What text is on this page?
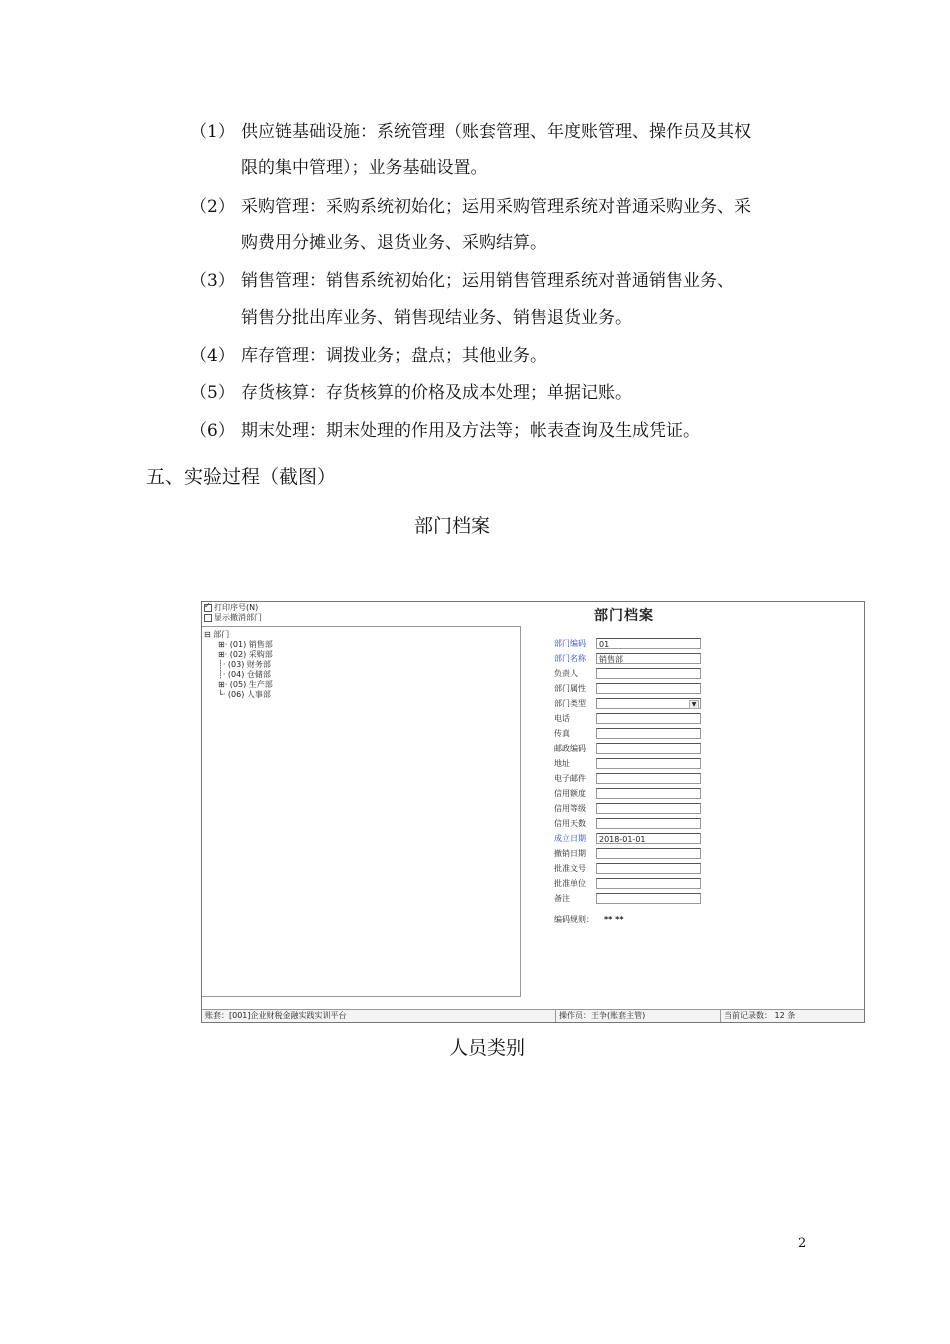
（1） 供应链基础设施：系统管理（账套管理、年度账管理、操作员及其权
限的集中管理）；业务基础设置。
（2） 采购管理：采购系统初始化；运用采购管理系统对普通采购业务、采
购费用分摊业务、退货业务、采购结算。
（3） 销售管理：销售系统初始化；运用销售管理系统对普通销售业务、
销售分批出库业务、销售现结业务、销售退货业务。
（4） 库存管理：调拨业务；盘点；其他业务。
（5） 存货核算：存货核算的价格及成本处理；单据记账。
（6） 期末处理：期末处理的作用及方法等；帐表查询及生成凭证。
五、实验过程（截图）
部门档案
✓
打印序号(N)
显示撤消部门	部门档案
⊟ 部门
⊞· (01) 销售部
⊞· (02) 采购部
┊· (03) 财务部
┊· (04) 仓储部
⊞· (05) 生产部
└· (06) 人事部
部门编码	01
部门名称	销售部
负责人
部门属性
部门类型	▼
电话
传真
邮政编码
地址
电子邮件
信用额度
信用等级
信用天数
成立日期	2018-01-01
撤销日期
批准文号
批准单位
备注
编码规则： ** **
账套：[001]企业财税金融实践实训平台	操作员：王争(账套主管)	当前记录数： 12 条
人员类别
2
